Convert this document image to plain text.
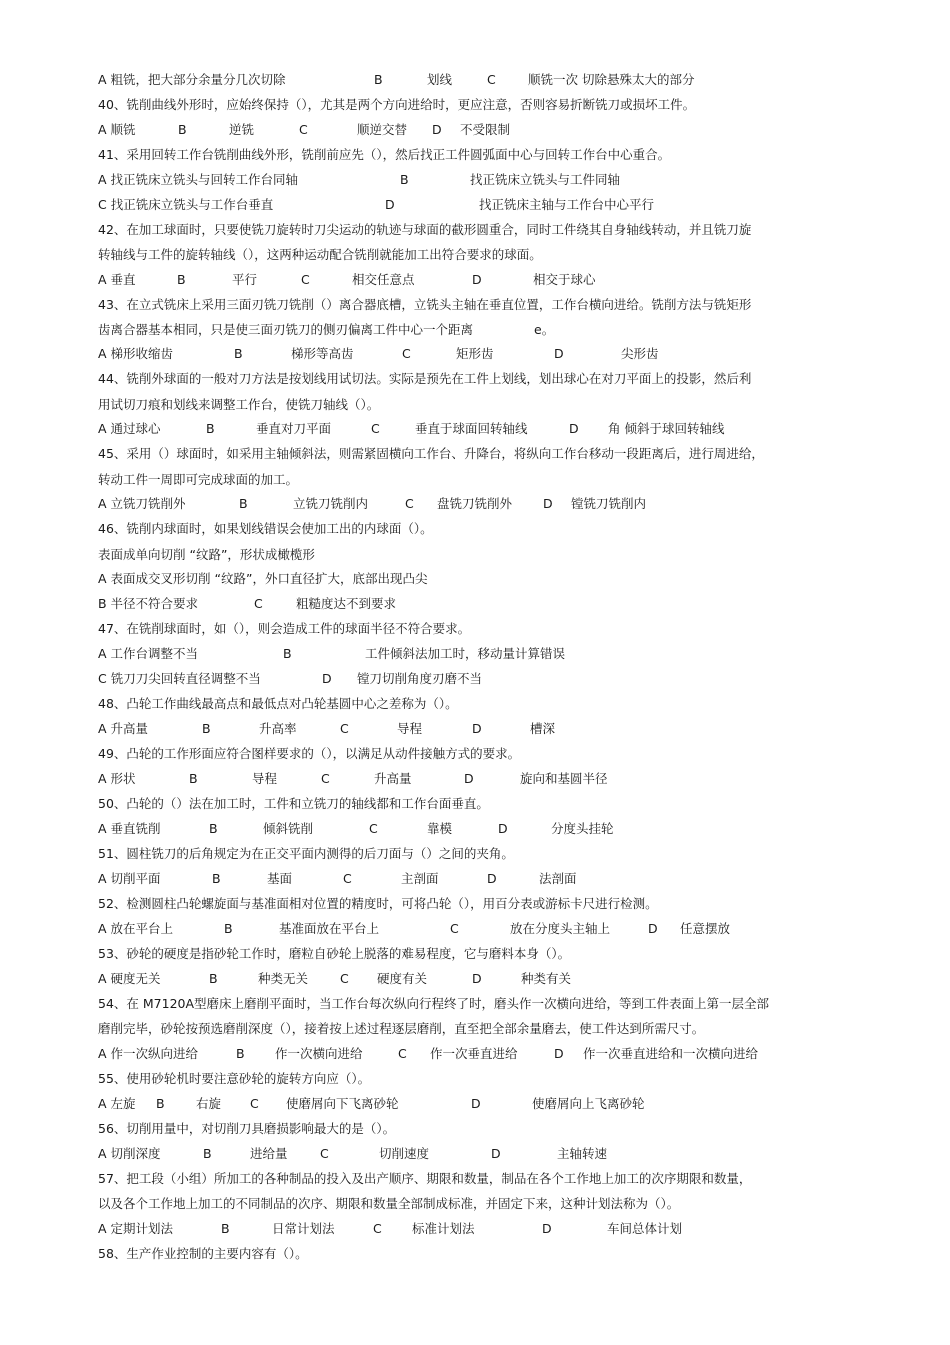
A 粗铣，把大部分余量分几次切除	B	划线	C	顺铣一次 切除悬殊太大的部分
40、铣削曲线外形时，应始终保持（），尤其是两个方向进给时，更应注意，否则容易折断铣刀或损坏工件。
A 顺铣	B	逆铣	C	顺逆交替 D 不受限制
41、采用回转工作台铣削曲线外形，铣削前应先（），然后找正工件圆弧面中心与回转工作台中心重合。
A 找正铣床立铣头与回转工作台同轴	B	找正铣床立铣头与工件同轴
C 找正铣床立铣头与工作台垂直	D	找正铣床主轴与工作台中心平行
42、在加工球面时，只要使铣刀旋转时刀尖运动的轨迹与球面的截形圆重合，同时工件绕其自身轴线转动，并且铣刀旋
转轴线与工件的旋转轴线（），这两种运动配合铣削就能加工出符合要求的球面。
A 垂直	B	平行	C	相交任意点	D	相交于球心
43、在立式铣床上采用三面刃铣刀铣削（）离合器底槽，立铣头主轴在垂直位置，工作台横向进给。铣削方法与铣矩形
齿离合器基本相同，只是使三面刃铣刀的侧刃偏离工件中心一个距离	e。
A 梯形收缩齿	B	梯形等高齿	C	矩形齿	D	尖形齿
44、铣削外球面的一般对刀方法是按划线用试切法。实际是预先在工件上划线，划出球心在对刀平面上的投影，然后利
用试切刀痕和划线来调整工作台，使铣刀轴线（）。
A 通过球心	B	垂直对刀平面	C	垂直于球面回转轴线	D 角 倾斜于球回转轴线
45、采用（）球面时，如采用主轴倾斜法，则需紧固横向工作台、升降台，将纵向工作台移动一段距离后，进行周进给，
转动工件一周即可完成球面的加工。
A 立铣刀铣削外	B	立铣刀铣削内	C 盘铣刀铣削外 D 镗铣刀铣削内
46、铣削内球面时，如果划线错误会使加工出的内球面（）。
表面成单向切削 “纹路”，形状成橄榄形
A 表面成交叉形切削 “纹路”，外口直径扩大，底部出现凸尖
B 半径不符合要求	C	粗糙度达不到要求
47、在铣削球面时，如（），则会造成工件的球面半径不符合要求。
A 工作台调整不当	B	工件倾斜法加工时，移动量计算错误
C 铣刀刀尖回转直径调整不当	D 镗刀切削角度刃磨不当
48、凸轮工作曲线最高点和最低点对凸轮基圆中心之差称为（）。
A 升高量	B	升高率	C	导程	D	槽深
49、凸轮的工作形面应符合图样要求的（），以满足从动件接触方式的要求。
A 形状	B	导程	C	升高量	D	旋向和基圆半径
50、凸轮的（）法在加工时，工件和立铣刀的轴线都和工作台面垂直。
A 垂直铣削	B	倾斜铣削	C	靠模	D	分度头挂轮
51、圆柱铣刀的后角规定为在正交平面内测得的后刀面与（）之间的夹角。
A 切削平面	B	基面	C	主剖面	D	法剖面
52、检测圆柱凸轮螺旋面与基准面相对位置的精度时，可将凸轮（），用百分表或游标卡尺进行检测。
A 放在平台上	B	基准面放在平台上	C	放在分度头主轴上	D 任意摆放
53、砂轮的硬度是指砂轮工作时，磨粒自砂轮上脱落的难易程度，它与磨料本身（）。
A 硬度无关	B	种类无关	C 硬度有关	D	种类有关
54、在 M7120A型磨床上磨削平面时，当工作台每次纵向行程终了时，磨头作一次横向进给，等到工件表面上第一层全部
磨削完毕，砂轮按预选磨削深度（），接着按上述过程逐层磨削，直至把全部余量磨去，使工件达到所需尺寸。
A 作一次纵向进给	B 作一次横向进给	C 作一次垂直进给	D 作一次垂直进给和一次横向进给
55、使用砂轮机时要注意砂轮的旋转方向应（）。
A 左旋 B	右旋 C 使磨屑向下飞离砂轮	D	使磨屑向上飞离砂轮
56、切削用量中，对切削刀具磨损影响最大的是（）。
A 切削深度	B	进给量	C	切削速度	D	主轴转速
57、把工段（小组）所加工的各种制品的投入及出产顺序、期限和数量，制品在各个工作地上加工的次序期限和数量，
以及各个工作地上加工的不同制品的次序、期限和数量全部制成标准，并固定下来，这种计划法称为（）。
A 定期计划法	B	日常计划法	C 标准计划法	D	车间总体计划
58、生产作业控制的主要内容有（）。
